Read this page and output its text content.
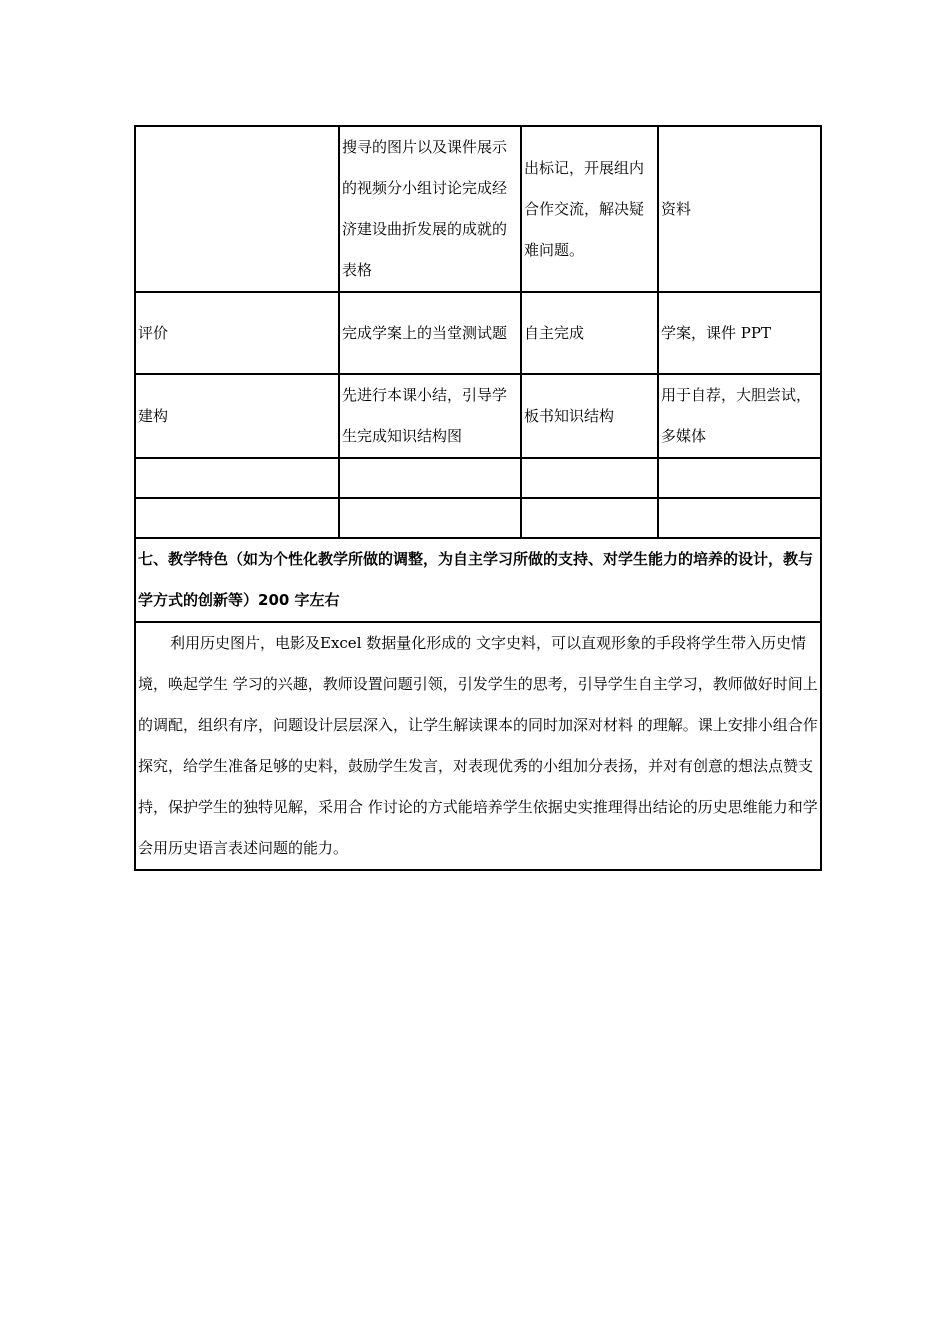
	搜寻的图片以及课件展示的视频分小组讨论完成经济建设曲折发展的成就的表格	出标记，开展组内合作交流，解决疑难问题。	资料
评价	完成学案上的当堂测试题	自主完成	学案，课件 PPT
建构	先进行本课小结，引导学生完成知识结构图	板书知识结构	用于自荐，大胆尝试，多媒体

七、教学特色（如为个性化教学所做的调整，为自主学习所做的支持、对学生能力的培养的设计，教与学方式的创新等）200 字左右			

利用历史图片，电影及Excel 数据量化形成的 文字史料，可以直观形象的手段将学生带入历史情境，唤起学生 学习的兴趣，教师设置问题引领，引发学生的思考，引导学生自主学习，教师做好时间上的调配，组织有序，问题设计层层深入，让学生解读课本的同时加深对材料 的理解。课上安排小组合作探究，给学生准备足够的史料，鼓励学生发言，对表现优秀的小组加分表扬，并对有创意的想法点赞支持，保护学生的独特见解，采用合 作讨论的方式能培养学生依据史实推理得出结论的历史思维能力和学会用历史语言表述问题的能力。			
